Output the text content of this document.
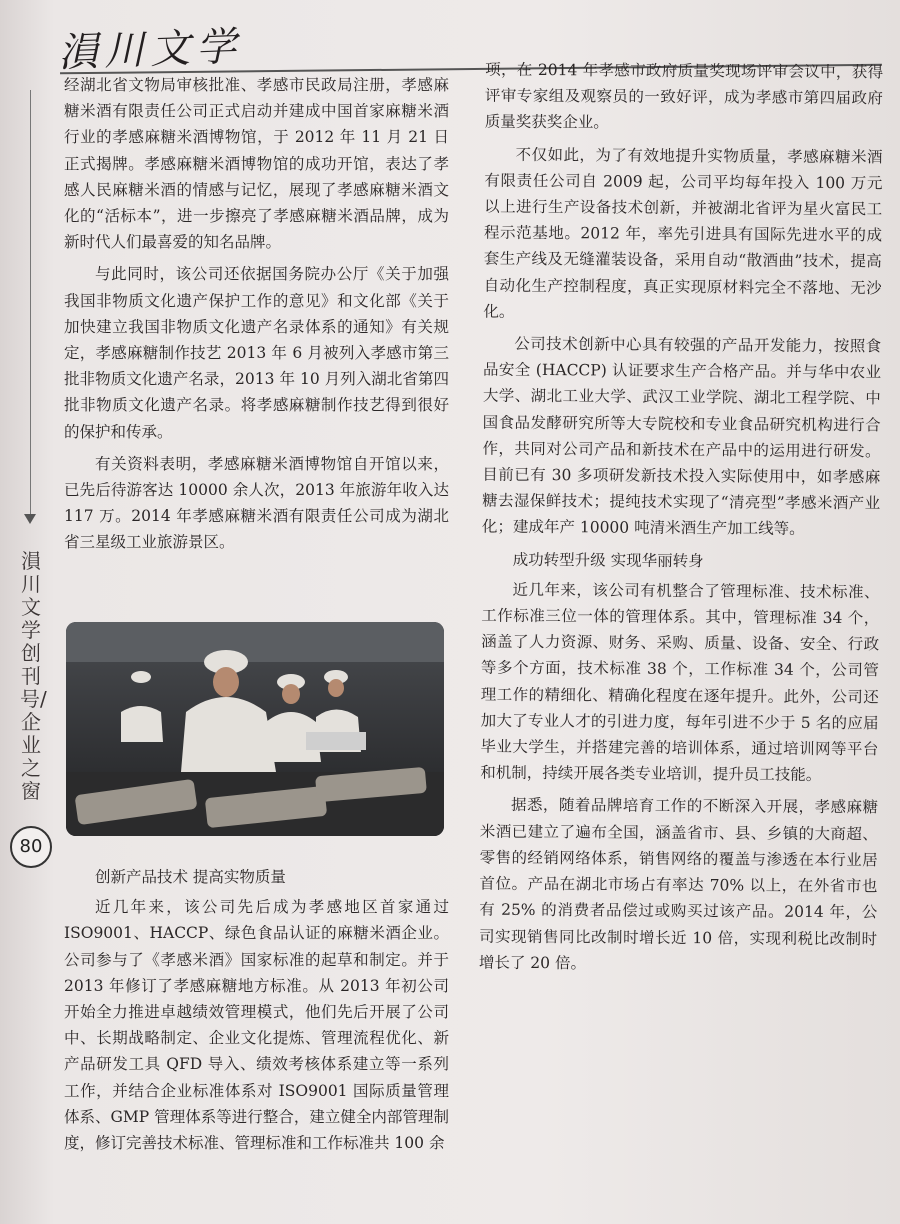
溳川文学
溳川文学创刊号/企业之窗
80

经湖北省文物局审核批准、孝感市民政局注册，孝感麻糖米酒有限责任公司正式启动并建成中国首家麻糖米酒行业的孝感麻糖米酒博物馆，于 2012 年 11 月 21 日正式揭牌。孝感麻糖米酒博物馆的成功开馆，表达了孝感人民麻糖米酒的情感与记忆，展现了孝感麻糖米酒文化的“活标本”，进一步擦亮了孝感麻糖米酒品牌，成为新时代人们最喜爱的知名品牌。

与此同时，该公司还依据国务院办公厅《关于加强我国非物质文化遗产保护工作的意见》和文化部《关于加快建立我国非物质文化遗产名录体系的通知》有关规定，孝感麻糖制作技艺 2013 年 6 月被列入孝感市第三批非物质文化遗产名录，2013 年 10 月列入湖北省第四批非物质文化遗产名录。将孝感麻糖制作技艺得到很好的保护和传承。

有关资料表明，孝感麻糖米酒博物馆自开馆以来，已先后待游客达 10000 余人次，2013 年旅游年收入达 117 万。2014 年孝感麻糖米酒有限责任公司成为湖北省三星级工业旅游景区。

创新产品技术 提高实物质量

近几年来，该公司先后成为孝感地区首家通过 ISO9001、HACCP、绿色食品认证的麻糖米酒企业。公司参与了《孝感米酒》国家标准的起草和制定。并于 2013 年修订了孝感麻糖地方标准。从 2013 年初公司开始全力推进卓越绩效管理模式，他们先后开展了公司中、长期战略制定、企业文化提炼、管理流程优化、新产品研发工具 QFD 导入、绩效考核体系建立等一系列工作，并结合企业标准体系对 ISO9001 国际质量管理体系、GMP 管理体系等进行整合，建立健全内部管理制度，修订完善技术标准、管理标准和工作标准共 100 余

项，在 2014 年孝感市政府质量奖现场评审会议中，获得评审专家组及观察员的一致好评，成为孝感市第四届政府质量奖获奖企业。

不仅如此，为了有效地提升实物质量，孝感麻糖米酒有限责任公司自 2009 起，公司平均每年投入 100 万元以上进行生产设备技术创新，并被湖北省评为星火富民工程示范基地。2012 年，率先引进具有国际先进水平的成套生产线及无缝灌装设备，采用自动“散酒曲”技术，提高自动化生产控制程度，真正实现原材料完全不落地、无沙化。

公司技术创新中心具有较强的产品开发能力，按照食品安全 (HACCP) 认证要求生产合格产品。并与华中农业大学、湖北工业大学、武汉工业学院、湖北工程学院、中国食品发酵研究所等大专院校和专业食品研究机构进行合作，共同对公司产品和新技术在产品中的运用进行研发。目前已有 30 多项研发新技术投入实际使用中，如孝感麻糖去湿保鲜技术；提纯技术实现了“清亮型”孝感米酒产业化；建成年产 10000 吨清米酒生产加工线等。

成功转型升级 实现华丽转身

近几年来，该公司有机整合了管理标准、技术标准、工作标准三位一体的管理体系。其中，管理标准 34 个，涵盖了人力资源、财务、采购、质量、设备、安全、行政等多个方面，技术标准 38 个，工作标准 34 个，公司管理工作的精细化、精确化程度在逐年提升。此外，公司还加大了专业人才的引进力度，每年引进不少于 5 名的应届毕业大学生，并搭建完善的培训体系，通过培训网等平台和机制，持续开展各类专业培训，提升员工技能。

据悉，随着品牌培育工作的不断深入开展，孝感麻糖米酒已建立了遍布全国，涵盖省市、县、乡镇的大商超、零售的经销网络体系，销售网络的覆盖与渗透在本行业居首位。产品在湖北市场占有率达 70% 以上，在外省市也有 25% 的消费者品偿过或购买过该产品。2014 年，公司实现销售同比改制时增长近 10 倍，实现利税比改制时增长了 20 倍。
